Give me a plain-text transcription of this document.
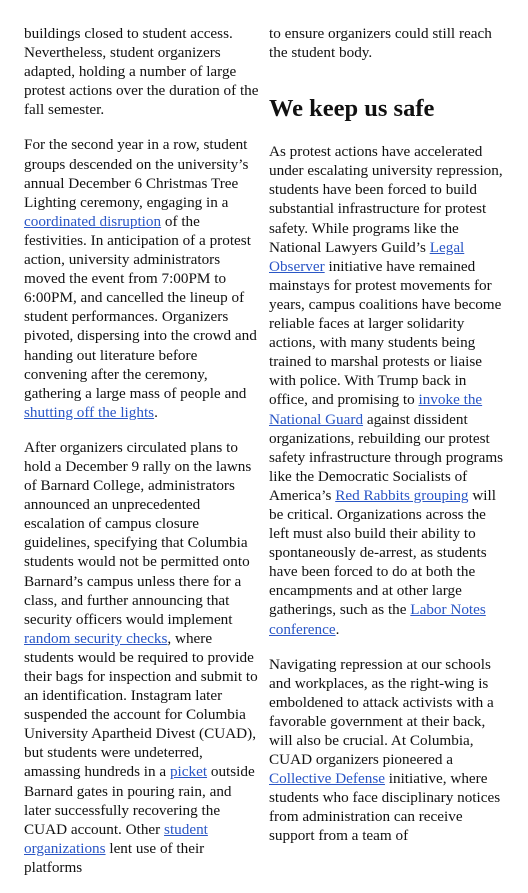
buildings closed to student access. Nevertheless, student organizers adapted, holding a number of large protest actions over the duration of the fall semester.

For the second year in a row, student groups descended on the university’s annual December 6 Christmas Tree Lighting ceremony, engaging in a coordinated disruption of the festivities. In anticipation of a protest action, university administrators moved the event from 7:00PM to 6:00PM, and cancelled the lineup of student performances. Organizers pivoted, dispersing into the crowd and handing out literature before convening after the ceremony, gathering a large mass of people and shutting off the lights.

After organizers circulated plans to hold a December 9 rally on the lawns of Barnard College, administrators announced an unprecedented escalation of campus closure guidelines, specifying that Columbia students would not be permitted onto Barnard’s campus unless there for a class, and further announcing that security officers would implement random security checks, where students would be required to provide their bags for inspection and submit to an identification. Instagram later suspended the account for Columbia University Apartheid Divest (CUAD), but students were undeterred, amassing hundreds in a picket outside Barnard gates in pouring rain, and later successfully recovering the CUAD account. Other student organizations lent use of their platforms

to ensure organizers could still reach the student body.

We keep us safe

As protest actions have accelerated under escalating university repression, students have been forced to build substantial infrastructure for protest safety. While programs like the National Lawyers Guild’s Legal Observer initiative have remained mainstays for protest movements for years, campus coalitions have become reliable faces at larger solidarity actions, with many students being trained to marshal protests or liaise with police. With Trump back in office, and promising to invoke the National Guard against dissident organizations, rebuilding our protest safety infrastructure through programs like the Democratic Socialists of America’s Red Rabbits grouping will be critical. Organizations across the left must also build their ability to spontaneously de-arrest, as students have been forced to do at both the encampments and at other large gatherings, such as the Labor Notes conference.

Navigating repression at our schools and workplaces, as the right-wing is emboldened to attack activists with a favorable government at their back, will also be crucial. At Columbia, CUAD organizers pioneered a Collective Defense initiative, where students who face disciplinary notices from administration can receive support from a team of
